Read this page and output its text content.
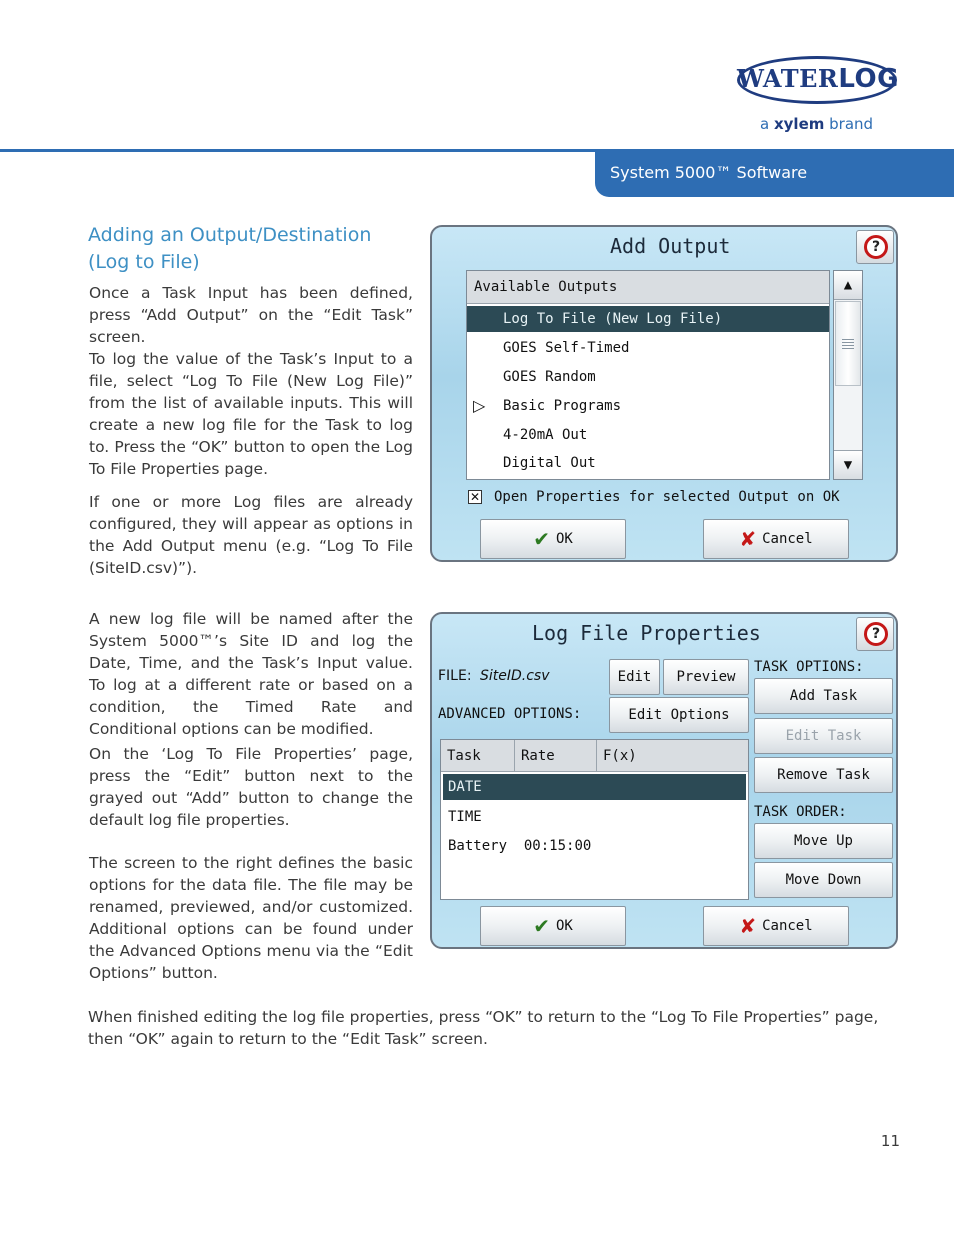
WATERLOG
a xylem brand
System 5000™ Software
Adding an Output/Destination
(Log to File)
Once a Task Input has been defined, press “Add Output” on the “Edit Task” screen.
To log the value of the Task’s Input to a file, select “Log To File (New Log File)” from the list of available inputs. This will create a new log file for the Task to log to. Press the “OK” button to open the Log To File Properties page.
If one or more Log files are already configured, they will appear as options in the Add Output menu (e.g. “Log To File (SiteID.csv)”).
A new log file will be named after the System 5000™’s Site ID and log the Date, Time, and the Task’s Input value. To log at a different rate or based on a condition, the Timed Rate and Conditional options can be modified.
On the ‘Log To File Properties’ page, press the “Edit” button next to the grayed out “Add” button to change the default log file properties.
The screen to the right defines the basic options for the data file. The file may be renamed, previewed, and/or customized. Additional options can be found under the Advanced Options menu via the “Edit Options” button.
When finished editing the log file properties, press “OK” to return to the “Log To File Properties” page, then “OK” again to return to the “Edit Task” screen.
11
Add Output	?
Available Outputs
Log To File (New Log File)
GOES Self-Timed
GOES Random
▷ Basic Programs
4-20mA Out
Digital Out
▲
▼
✕ Open Properties for selected Output on OK
✔ OK	✘ Cancel
Log File Properties	?
FILE: SiteID.csv	Edit	Preview
ADVANCED OPTIONS:	Edit Options
TASK OPTIONS:
Add Task
Edit Task
Remove Task
TASK ORDER:
Move Up
Move Down
Task	Rate	F(x)
DATE
TIME
Battery 00:15:00
✔ OK	✘ Cancel
